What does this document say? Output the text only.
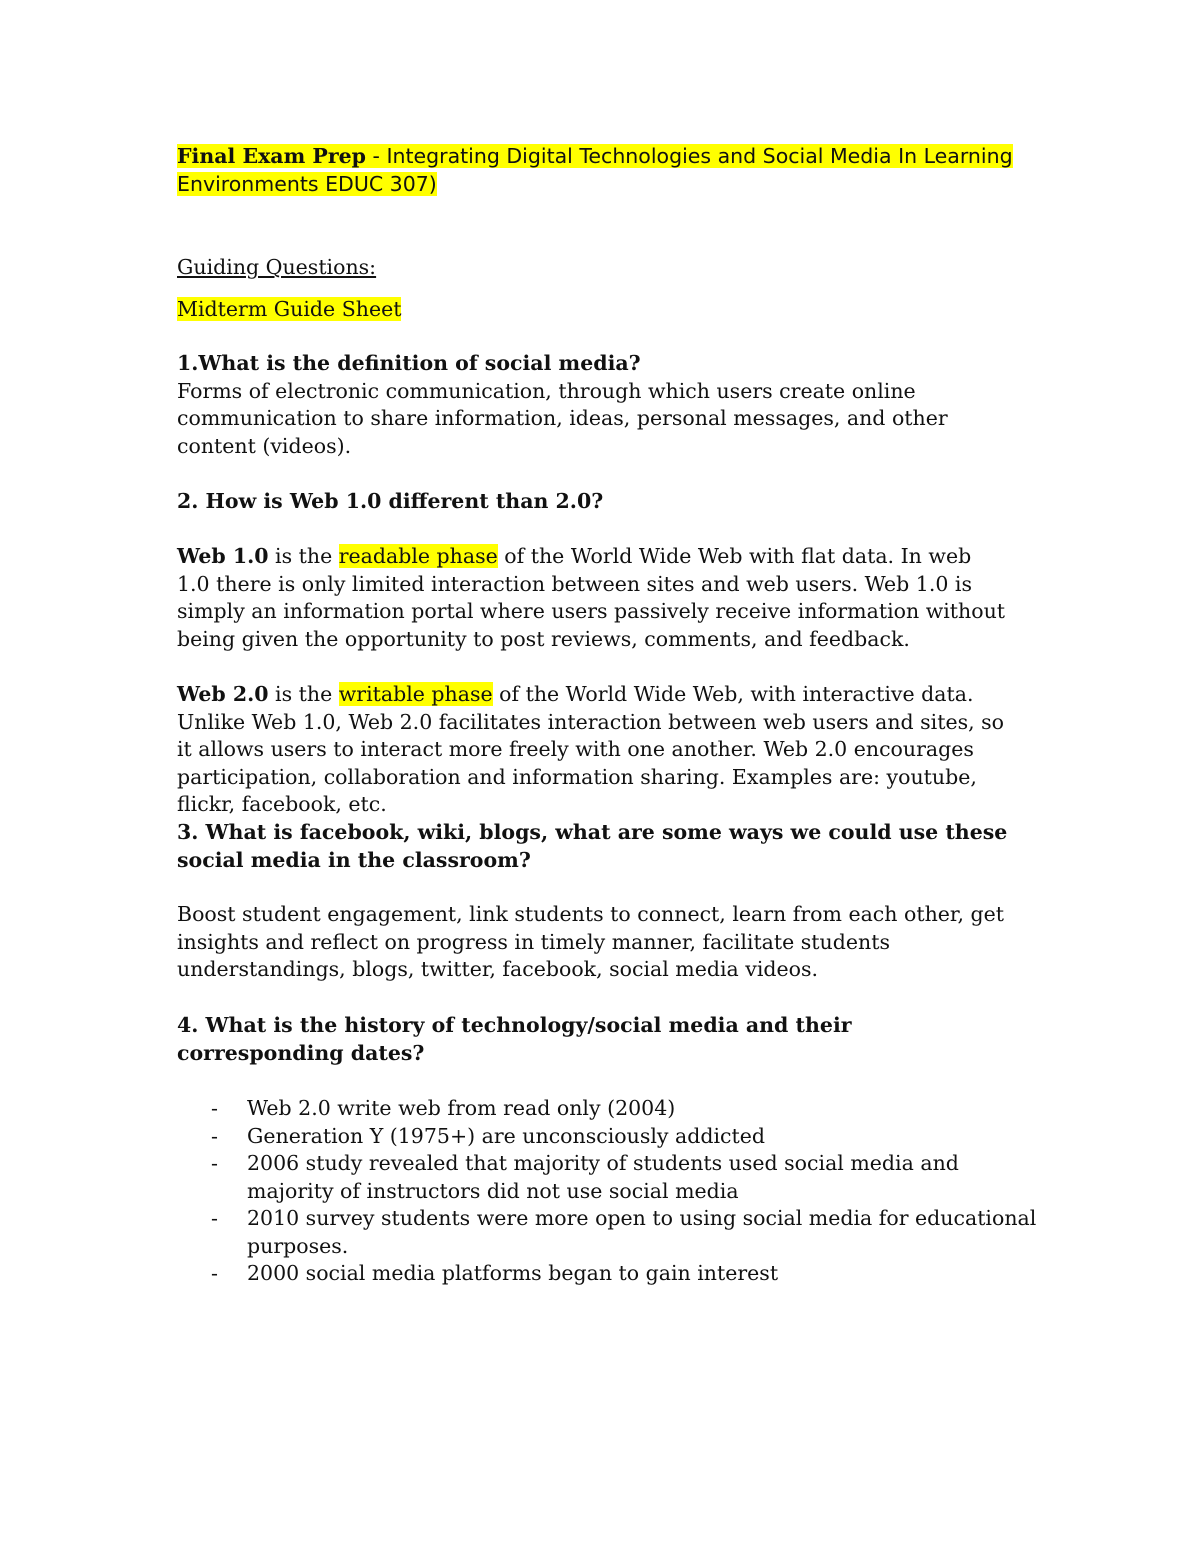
Final Exam Prep - Integrating Digital Technologies and Social Media In Learning Environments EDUC 307)
Guiding Questions:
Midterm Guide Sheet
1.What is the definition of social media?
Forms of electronic communication, through which users create online communication to share information, ideas, personal messages, and other content (videos).
2. How is Web 1.0 different than 2.0?
Web 1.0 is the readable phase of the World Wide Web with flat data. In web 1.0 there is only limited interaction between sites and web users. Web 1.0 is simply an information portal where users passively receive information without being given the opportunity to post reviews, comments, and feedback.
Web 2.0 is the writable phase of the World Wide Web, with interactive data. Unlike Web 1.0, Web 2.0 facilitates interaction between web users and sites, so it allows users to interact more freely with one another. Web 2.0 encourages participation, collaboration and information sharing. Examples are: youtube, flickr, facebook, etc.
3. What is facebook, wiki, blogs, what are some ways we could use these social media in the classroom?
Boost student engagement, link students to connect, learn from each other, get insights and reflect on progress in timely manner, facilitate students understandings, blogs, twitter, facebook, social media videos.
4. What is the history of technology/social media and their corresponding dates?
- Web 2.0 write web from read only (2004)
- Generation Y (1975+) are unconsciously addicted
- 2006 study revealed that majority of students used social media and majority of instructors did not use social media
- 2010 survey students were more open to using social media for educational purposes.
- 2000 social media platforms began to gain interest
